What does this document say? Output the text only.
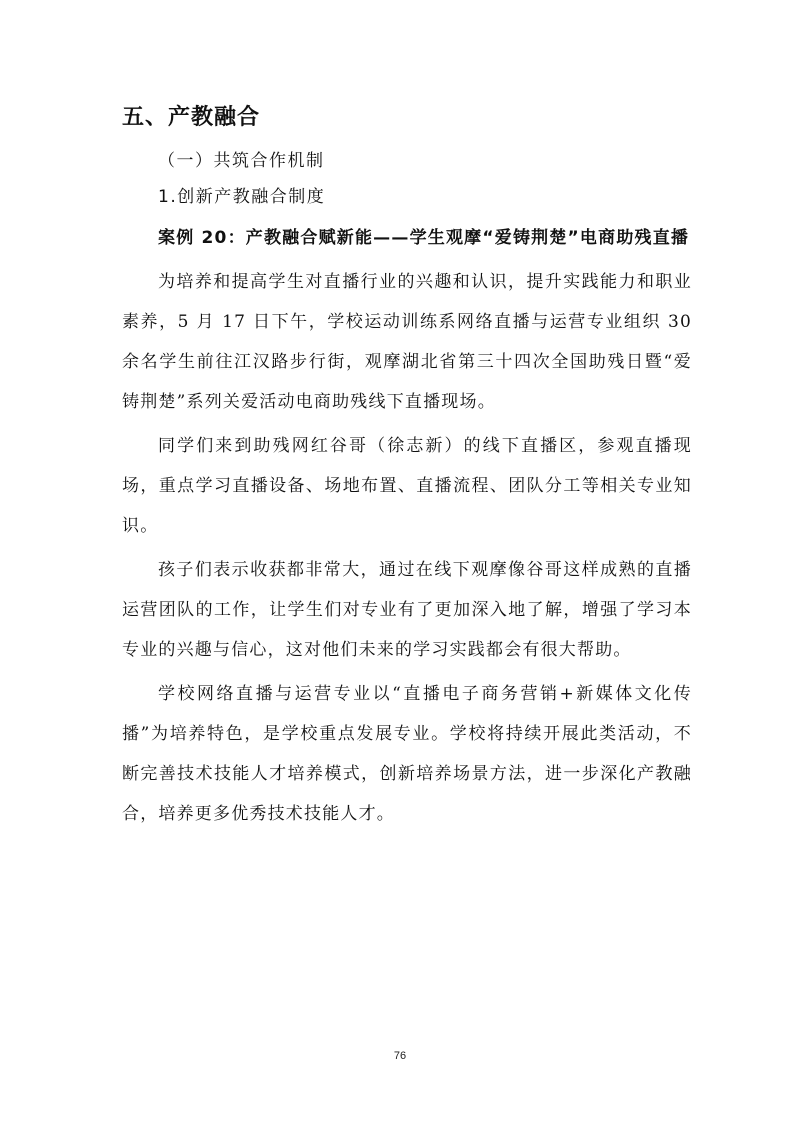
五、产教融合
（一）共筑合作机制
1.创新产教融合制度
案例 20：产教融合赋新能——学生观摩“爱铸荆楚”电商助残直播

为培养和提高学生对直播行业的兴趣和认识，提升实践能力和职业素养，5 月 17 日下午，学校运动训练系网络直播与运营专业组织 30 余名学生前往江汉路步行街，观摩湖北省第三十四次全国助残日暨“爱铸荆楚”系列关爱活动电商助残线下直播现场。

同学们来到助残网红谷哥（徐志新）的线下直播区，参观直播现场，重点学习直播设备、场地布置、直播流程、团队分工等相关专业知识。

孩子们表示收获都非常大，通过在线下观摩像谷哥这样成熟的直播运营团队的工作，让学生们对专业有了更加深入地了解，增强了学习本专业的兴趣与信心，这对他们未来的学习实践都会有很大帮助。

学校网络直播与运营专业以“直播电子商务营销+新媒体文化传播”为培养特色，是学校重点发展专业。学校将持续开展此类活动，不断完善技术技能人才培养模式，创新培养场景方法，进一步深化产教融合，培养更多优秀技术技能人才。

76
